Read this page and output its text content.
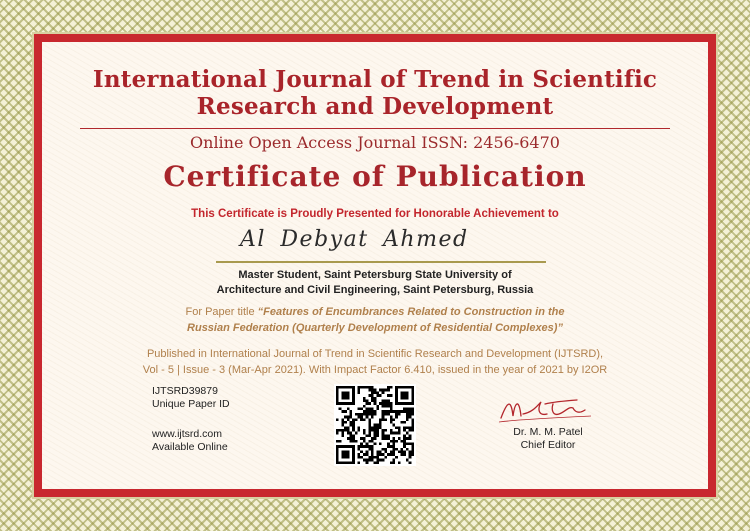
International Journal of Trend in Scientific
Research and Development
Online Open Access Journal ISSN: 2456-6470
Certificate of Publication
This Certificate is Proudly Presented for Honorable Achievement to
Al Debyat Ahmed
Master Student, Saint Petersburg State University of
Architecture and Civil Engineering, Saint Petersburg, Russia
For Paper title “Features of Encumbrances Related to Construction in the
Russian Federation (Quarterly Development of Residential Complexes)”
Published in International Journal of Trend in Scientific Research and Development (IJTSRD),
Vol - 5 | Issue - 3 (Mar-Apr 2021). With Impact Factor 6.410, issued in the year of 2021 by I2OR
IJTSRD39879
Unique Paper ID
www.ijtsrd.com
Available Online
Dr. M. M. Patel
Chief Editor
